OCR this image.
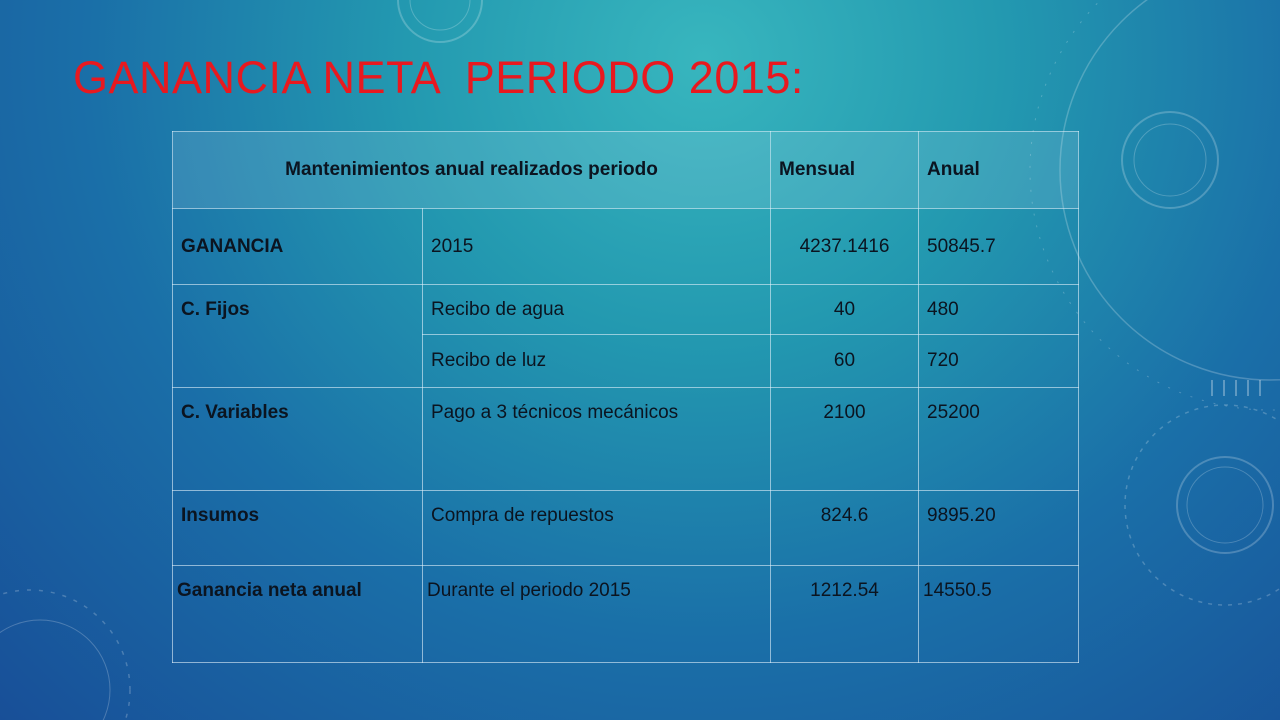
GANANCIA NETA  PERIODO 2015:
Mantenimientos anual realizados periodo		Mensual	Anual
GANANCIA	2015	4237.1416	50845.7
C. Fijos	Recibo de agua	40	480
	Recibo de luz	60	720
C. Variables	Pago a 3 técnicos mecánicos	2100	25200
Insumos	Compra de repuestos	824.6	9895.20
Ganancia neta anual	Durante el periodo 2015	1212.54	14550.5
